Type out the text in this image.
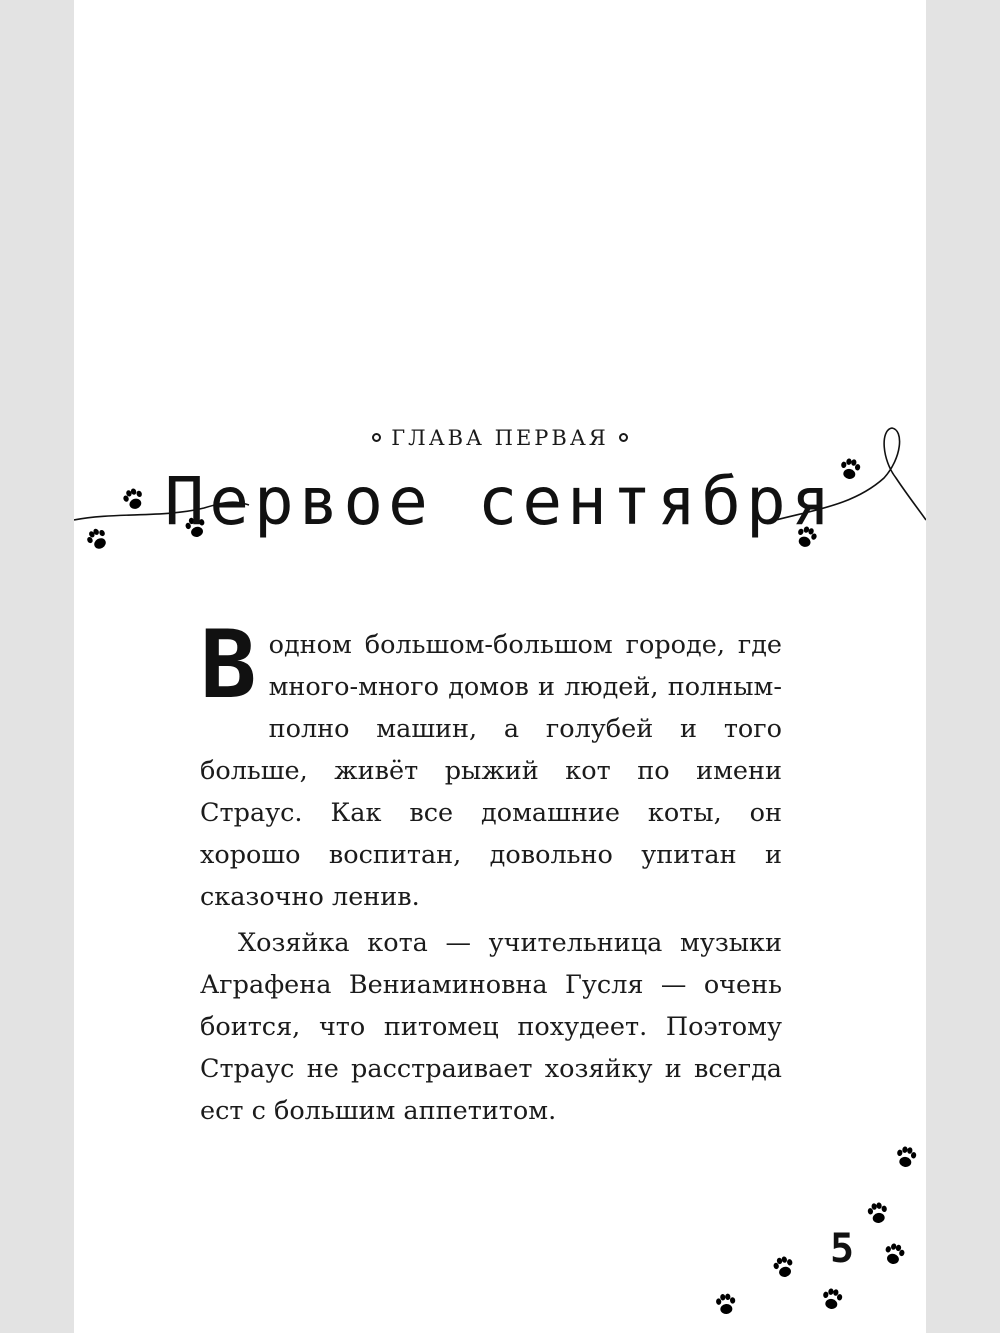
ГЛАВА ПЕРВАЯ
Первое сентября

Водном большом-большом городе, где много-много домов и людей, полным-полно машин, а голубей и того больше, живёт рыжий кот по имени Страус. Как все домашние коты, он хорошо воспитан, довольно упитан и сказочно ленив.

Хозяйка кота — учительница музыки Аграфена Вениаминовна Гусля — очень боится, что питомец похудеет. Поэтому Страус не расстраивает хозяйку и всегда ест с большим аппетитом.

5
